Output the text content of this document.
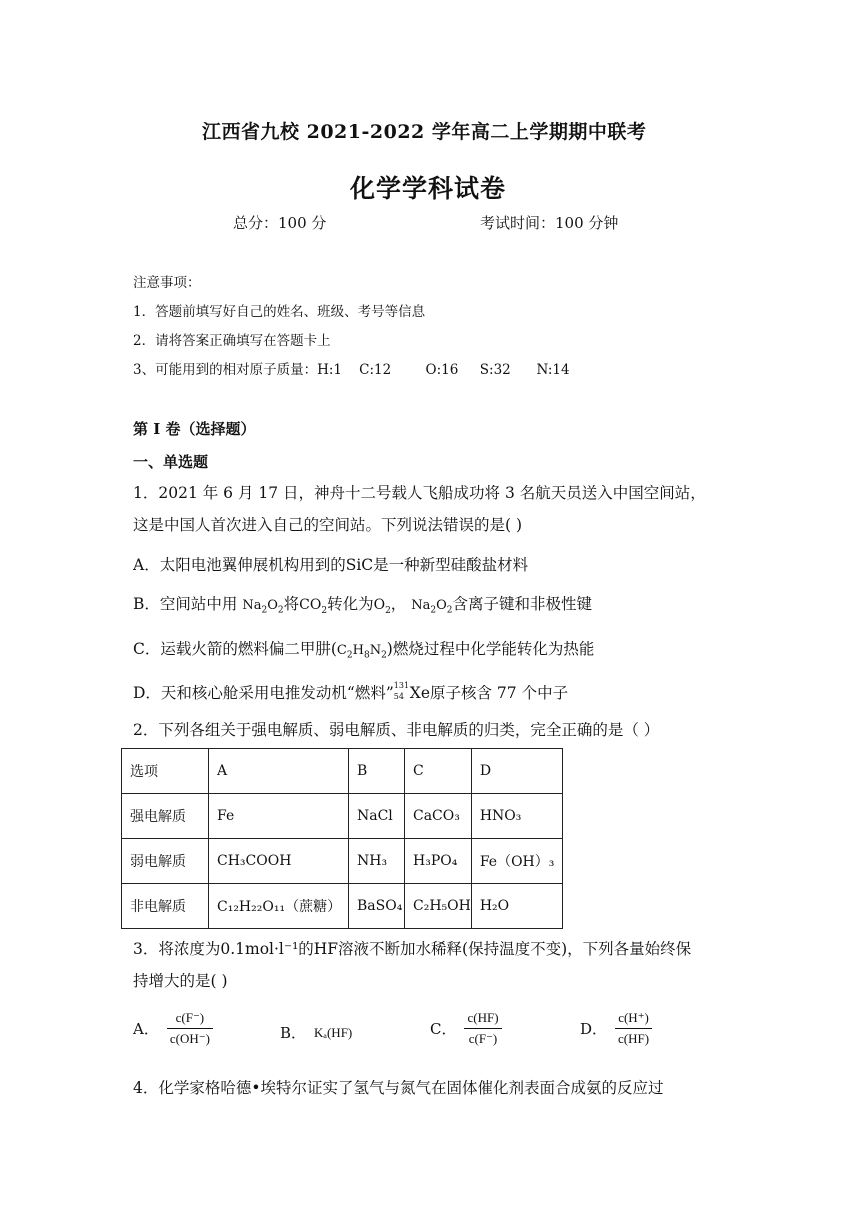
江西省九校 2021-2022 学年高二上学期期中联考
化学学科试卷
总分：100 分	考试时间：100 分钟
注意事项：
1．答题前填写好自己的姓名、班级、考号等信息
2．请将答案正确填写在答题卡上
3、可能用到的相对原子质量：H:1    C:12        O:16     S:32      N:14
第 I 卷（选择题）
一、单选题
1．2021 年 6 月 17 日，神舟十二号载人飞船成功将 3 名航天员送入中国空间站，
这是中国人首次进入自己的空间站。下列说法错误的是( )
A．太阳电池翼伸展机构用到的SiC是一种新型硅酸盐材料
B．空间站中用 $Na_2O_2$将$CO_2$转化为$O_2$， $Na_2O_2$含离子键和非极性键
C．运载火箭的燃料偏二甲肼$(C_2H_8N_2)$燃烧过程中化学能转化为热能
D．天和核心舱采用电推发动机“燃料” 131
54 Xe原子核含 77 个中子
2．下列各组关于强电解质、弱电解质、非电解质的归类，完全正确的是（ ）
选项	A	B	C	D
强电解质	Fe	NaCl	CaCO₃	HNO₃
弱电解质	CH₃COOH	NH₃	H₃PO₄	Fe（OH）₃
非电解质	C₁₂H₂₂O₁₁（蔗糖）	BaSO₄	C₂H₅OH	H₂O
3．将浓度为0.1mol·l⁻¹的HF溶液不断加水稀释(保持温度不变)，下列各量始终保
持增大的是( )
A． $\frac{c(F^-)}{c(OH^-)}$	B． Kₐ(HF)	C． $\frac{c(HF)}{c(F^-)}$	D． $\frac{c(H^+)}{c(HF)}$
4．化学家格哈德•埃特尔证实了氢气与氮气在固体催化剂表面合成氨的反应过
